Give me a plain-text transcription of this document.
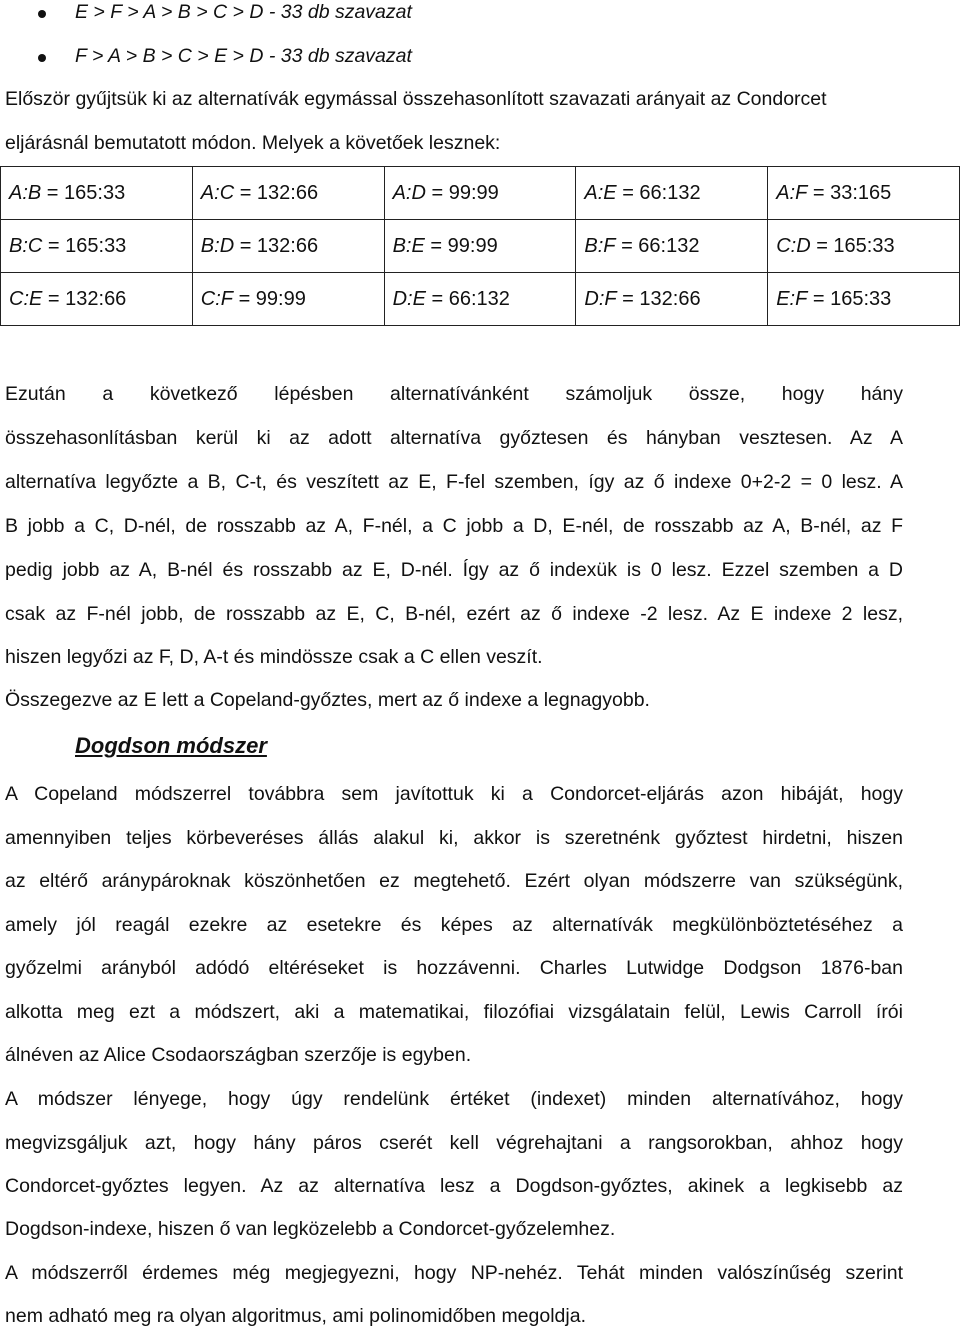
E > F > A > B > C > D - 33 db szavazat
F > A > B > C > E > D - 33 db szavazat
Először gyűjtsük ki az alternatívák egymással összehasonlított szavazati arányait az Condorcet
eljárásnál bemutatott módon. Melyek a követőek lesznek:
A:B = 165:33	A:C = 132:66	A:D = 99:99	A:E = 66:132	A:F = 33:165
B:C = 165:33	B:D = 132:66	B:E = 99:99	B:F = 66:132	C:D = 165:33
C:E = 132:66	C:F = 99:99	D:E = 66:132	D:F = 132:66	E:F = 165:33
Ezután a következő lépésben alternatívánként számoljuk össze, hogy hány
összehasonlításban kerül ki az adott alternatíva győztesen és hányban vesztesen. Az A
alternatíva legyőzte a B, C-t, és veszített az E, F-fel szemben, így az ő indexe 0+2-2 = 0 lesz. A
B jobb a C, D-nél, de rosszabb az A, F-nél, a C jobb a D, E-nél, de rosszabb az A, B-nél, az F
pedig jobb az A, B-nél és rosszabb az E, D-nél. Így az ő indexük is 0 lesz. Ezzel szemben a D
csak az F-nél jobb, de rosszabb az E, C, B-nél, ezért az ő indexe -2 lesz. Az E indexe 2 lesz,
hiszen legyőzi az F, D, A-t és mindössze csak a C ellen veszít.
Összegezve az E lett a Copeland-győztes, mert az ő indexe a legnagyobb.
Dogdson módszer
A Copeland módszerrel továbbra sem javítottuk ki a Condorcet-eljárás azon hibáját, hogy
amennyiben teljes körbeveréses állás alakul ki, akkor is szeretnénk győztest hirdetni, hiszen
az eltérő aránypároknak köszönhetően ez megtehető. Ezért olyan módszerre van szükségünk,
amely jól reagál ezekre az esetekre és képes az alternatívák megkülönböztetéséhez a
győzelmi arányból adódó eltéréseket is hozzávenni. Charles Lutwidge Dodgson 1876-ban
alkotta meg ezt a módszert, aki a matematikai, filozófiai vizsgálatain felül, Lewis Carroll írói
álnéven az Alice Csodaországban szerzője is egyben.
A módszer lényege, hogy úgy rendelünk értéket (indexet) minden alternatívához, hogy
megvizsgáljuk azt, hogy hány páros cserét kell végrehajtani a rangsorokban, ahhoz hogy
Condorcet-győztes legyen. Az az alternatíva lesz a Dogdson-győztes, akinek a legkisebb az
Dogdson-indexe, hiszen ő van legközelebb a Condorcet-győzelemhez.
A módszerről érdemes még megjegyezni, hogy NP-nehéz. Tehát minden valószínűség szerint
nem adható meg ra olyan algoritmus, ami polinomidőben megoldja.
